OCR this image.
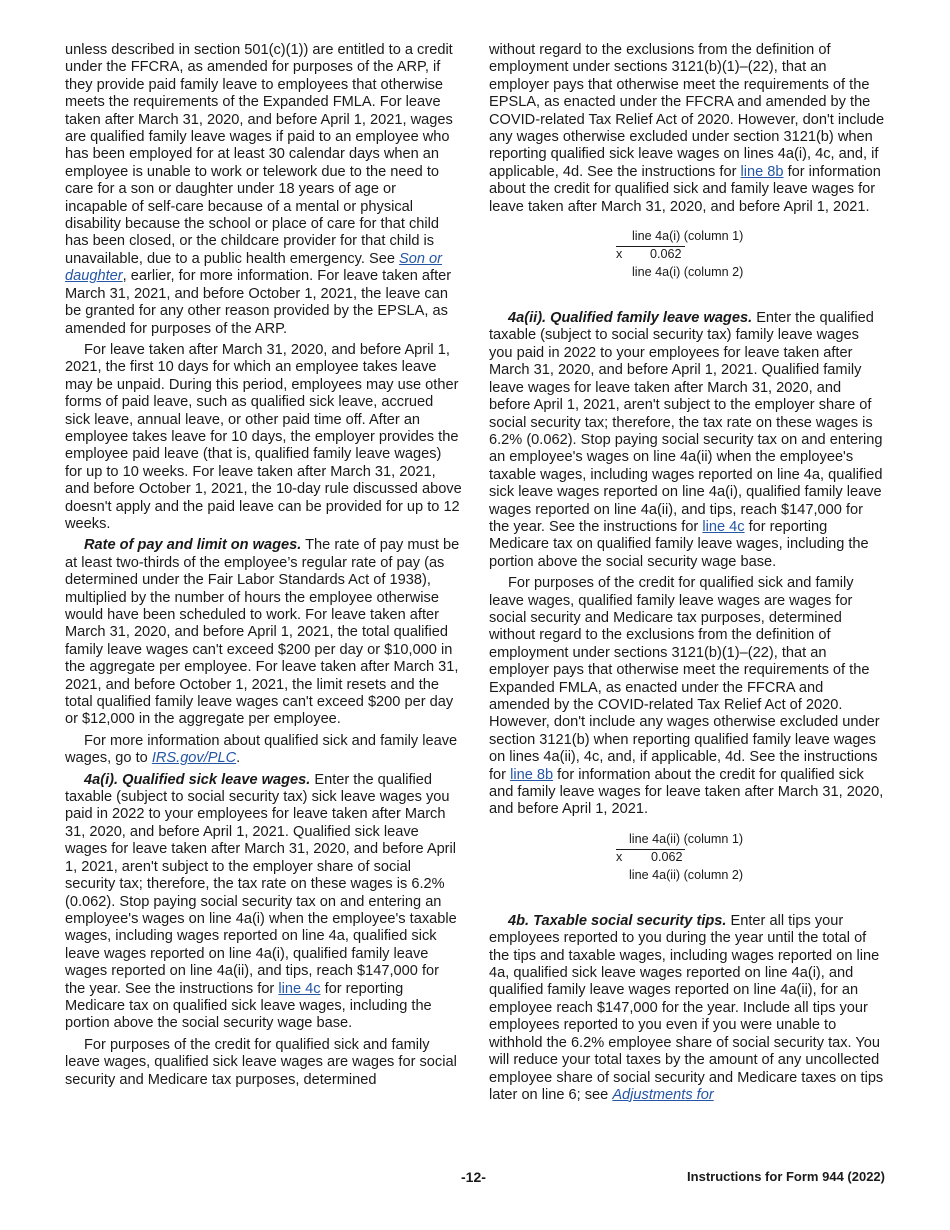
unless described in section 501(c)(1)) are entitled to a credit under the FFCRA, as amended for purposes of the ARP, if they provide paid family leave to employees that otherwise meets the requirements of the Expanded FMLA. For leave taken after March 31, 2020, and before April 1, 2021, wages are qualified family leave wages if paid to an employee who has been employed for at least 30 calendar days when an employee is unable to work or telework due to the need to care for a son or daughter under 18 years of age or incapable of self-care because of a mental or physical disability because the school or place of care for that child has been closed, or the childcare provider for that child is unavailable, due to a public health emergency. See Son or daughter, earlier, for more information. For leave taken after March 31, 2021, and before October 1, 2021, the leave can be granted for any other reason provided by the EPSLA, as amended for purposes of the ARP.

For leave taken after March 31, 2020, and before April 1, 2021, the first 10 days for which an employee takes leave may be unpaid. During this period, employees may use other forms of paid leave, such as qualified sick leave, accrued sick leave, annual leave, or other paid time off. After an employee takes leave for 10 days, the employer provides the employee paid leave (that is, qualified family leave wages) for up to 10 weeks. For leave taken after March 31, 2021, and before October 1, 2021, the 10-day rule discussed above doesn't apply and the paid leave can be provided for up to 12 weeks.

Rate of pay and limit on wages. The rate of pay must be at least two-thirds of the employee’s regular rate of pay (as determined under the Fair Labor Standards Act of 1938), multiplied by the number of hours the employee otherwise would have been scheduled to work. For leave taken after March 31, 2020, and before April 1, 2021, the total qualified family leave wages can't exceed $200 per day or $10,000 in the aggregate per employee. For leave taken after March 31, 2021, and before October 1, 2021, the limit resets and the total qualified family leave wages can't exceed $200 per day or $12,000 in the aggregate per employee.

For more information about qualified sick and family leave wages, go to IRS.gov/PLC.

4a(i). Qualified sick leave wages. Enter the qualified taxable (subject to social security tax) sick leave wages you paid in 2022 to your employees for leave taken after March 31, 2020, and before April 1, 2021. Qualified sick leave wages for leave taken after March 31, 2020, and before April 1, 2021, aren't subject to the employer share of social security tax; therefore, the tax rate on these wages is 6.2% (0.062). Stop paying social security tax on and entering an employee's wages on line 4a(i) when the employee's taxable wages, including wages reported on line 4a, qualified sick leave wages reported on line 4a(i), qualified family leave wages reported on line 4a(ii), and tips, reach $147,000 for the year. See the instructions for line 4c for reporting Medicare tax on qualified sick leave wages, including the portion above the social security wage base.

For purposes of the credit for qualified sick and family leave wages, qualified sick leave wages are wages for social security and Medicare tax purposes, determined

without regard to the exclusions from the definition of employment under sections 3121(b)(1)–(22), that an employer pays that otherwise meet the requirements of the EPSLA, as enacted under the FFCRA and amended by the COVID-related Tax Relief Act of 2020. However, don't include any wages otherwise excluded under section 3121(b) when reporting qualified sick leave wages on lines 4a(i), 4c, and, if applicable, 4d. See the instructions for line 8b for information about the credit for qualified sick and family leave wages for leave taken after March 31, 2020, and before April 1, 2021.

line 4a(i) (column 1)
x 0.062
line 4a(i) (column 2)

4a(ii). Qualified family leave wages. Enter the qualified taxable (subject to social security tax) family leave wages you paid in 2022 to your employees for leave taken after March 31, 2020, and before April 1, 2021. Qualified family leave wages for leave taken after March 31, 2020, and before April 1, 2021, aren't subject to the employer share of social security tax; therefore, the tax rate on these wages is 6.2% (0.062). Stop paying social security tax on and entering an employee's wages on line 4a(ii) when the employee's taxable wages, including wages reported on line 4a, qualified sick leave wages reported on line 4a(i), qualified family leave wages reported on line 4a(ii), and tips, reach $147,000 for the year. See the instructions for line 4c for reporting Medicare tax on qualified family leave wages, including the portion above the social security wage base.

For purposes of the credit for qualified sick and family leave wages, qualified family leave wages are wages for social security and Medicare tax purposes, determined without regard to the exclusions from the definition of employment under sections 3121(b)(1)–(22), that an employer pays that otherwise meet the requirements of the Expanded FMLA, as enacted under the FFCRA and amended by the COVID-related Tax Relief Act of 2020. However, don't include any wages otherwise excluded under section 3121(b) when reporting qualified family leave wages on lines 4a(ii), 4c, and, if applicable, 4d. See the instructions for line 8b for information about the credit for qualified sick and family leave wages for leave taken after March 31, 2020, and before April 1, 2021.

line 4a(ii) (column 1)
x 0.062
line 4a(ii) (column 2)

4b. Taxable social security tips. Enter all tips your employees reported to you during the year until the total of the tips and taxable wages, including wages reported on line 4a, qualified sick leave wages reported on line 4a(i), and qualified family leave wages reported on line 4a(ii), for an employee reach $147,000 for the year. Include all tips your employees reported to you even if you were unable to withhold the 6.2% employee share of social security tax. You will reduce your total taxes by the amount of any uncollected employee share of social security and Medicare taxes on tips later on line 6; see Adjustments for

-12-	Instructions for Form 944 (2022)
